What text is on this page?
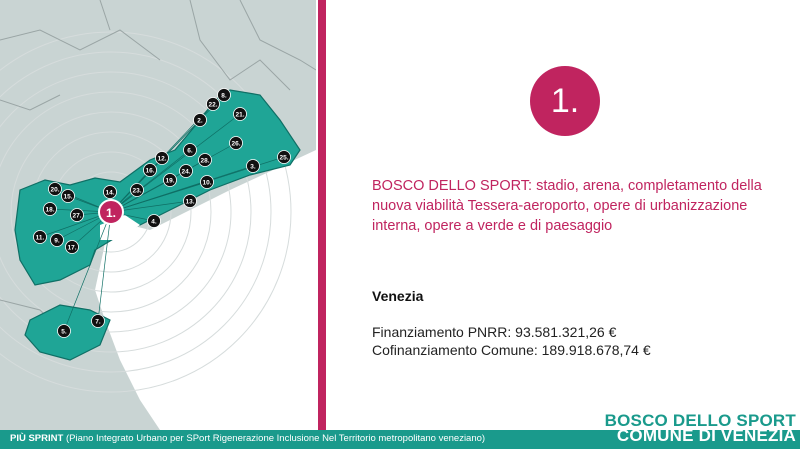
8.
22.
2.
21.
6.
26.
12.	28.	25.
16.	24.
3.
19.	10.
20.	14.	23.
15.
13.
18.
27.
4.
11. 9.
17.
5.
7.
1.
1.
BOSCO DELLO SPORT: stadio, arena, completamento della nuova viabilità Tessera-aeroporto, opere di urbanizzazione interna, opere a verde e di paesaggio
Venezia
Finanziamento PNRR: 93.581.321,26 €
Cofinanziamento Comune: 189.918.678,74 €
PIÙ SPRINT (Piano Integrato Urbano per SPort Rigenerazione Inclusione Nel Territorio metropolitano veneziano)
BOSCO DELLO SPORT
COMUNE DI VENEZIA
